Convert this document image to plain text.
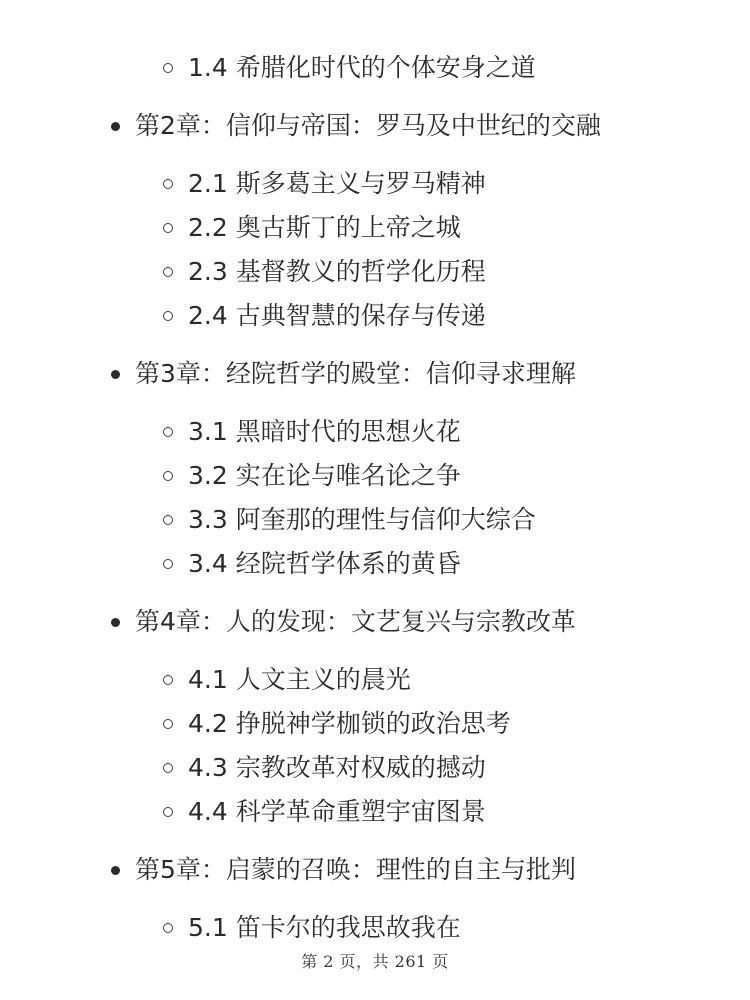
1.4 希腊化时代的个体安身之道
第2章：信仰与帝国：罗马及中世纪的交融
2.1 斯多葛主义与罗马精神
2.2 奥古斯丁的上帝之城
2.3 基督教义的哲学化历程
2.4 古典智慧的保存与传递
第3章：经院哲学的殿堂：信仰寻求理解
3.1 黑暗时代的思想火花
3.2 实在论与唯名论之争
3.3 阿奎那的理性与信仰大综合
3.4 经院哲学体系的黄昏
第4章：人的发现：文艺复兴与宗教改革
4.1 人文主义的晨光
4.2 挣脱神学枷锁的政治思考
4.3 宗教改革对权威的撼动
4.4 科学革命重塑宇宙图景
第5章：启蒙的召唤：理性的自主与批判
5.1 笛卡尔的我思故我在
第 2 页，共 261 页
